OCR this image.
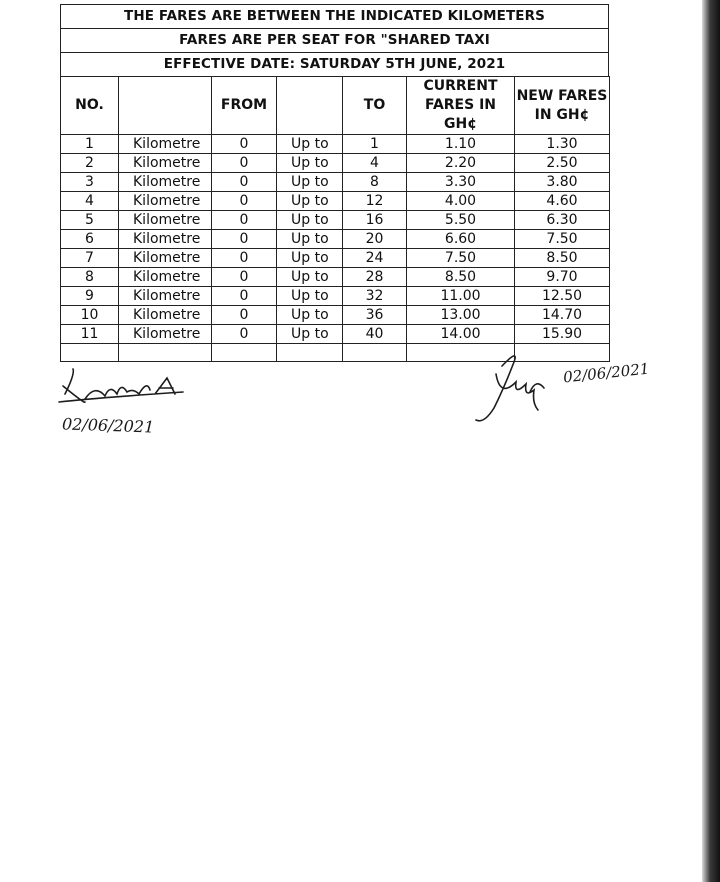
THE FARES ARE BETWEEN THE INDICATED KILOMETERS
FARES ARE PER SEAT FOR "SHARED TAXI
EFFECTIVE DATE: SATURDAY 5TH JUNE, 2021
NO.		FROM		TO	CURRENT FARES IN GH¢	NEW FARES IN GH¢
1	Kilometre	0	Up to	1	1.10	1.30
2	Kilometre	0	Up to	4	2.20	2.50
3	Kilometre	0	Up to	8	3.30	3.80
4	Kilometre	0	Up to	12	4.00	4.60
5	Kilometre	0	Up to	16	5.50	6.30
6	Kilometre	0	Up to	20	6.60	7.50
7	Kilometre	0	Up to	24	7.50	8.50
8	Kilometre	0	Up to	28	8.50	9.70
9	Kilometre	0	Up to	32	11.00	12.50
10	Kilometre	0	Up to	36	13.00	14.70
11	Kilometre	0	Up to	40	14.00	15.90

02/06/2021
02/06/2021
